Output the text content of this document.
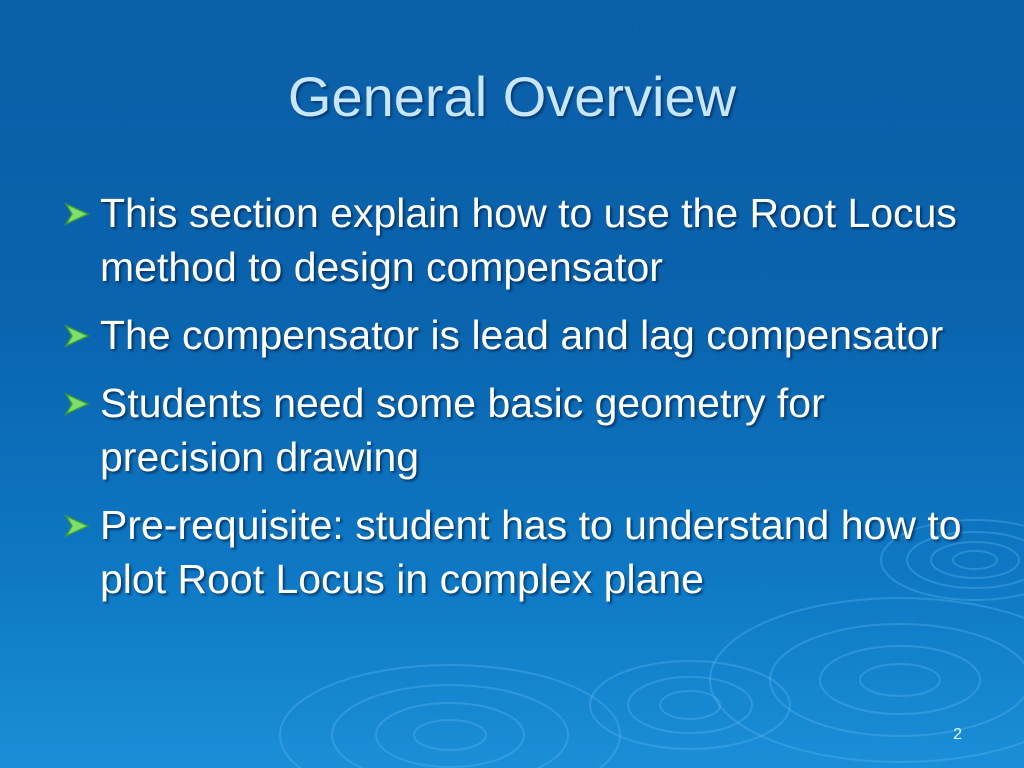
General Overview
This section explain how to use the Root Locus method to design compensator
The compensator is lead and lag compensator
Students need some basic geometry for precision drawing
Pre-requisite: student has to understand how to plot Root Locus in complex plane
2
